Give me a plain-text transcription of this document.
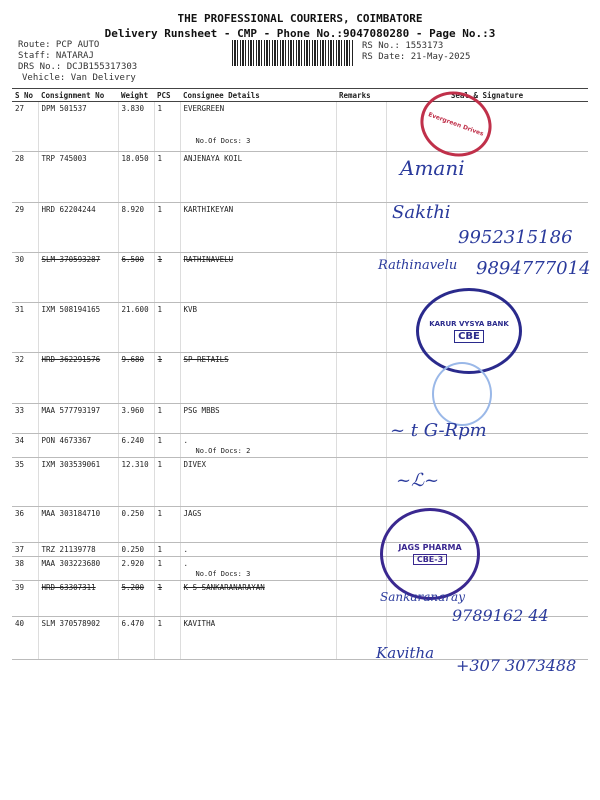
THE PROFESSIONAL COURIERS, COIMBATORE
Delivery Runsheet - CMP - Phone No.:9047080280 - Page No.:3
Route: PCP AUTO
Staff: NATARAJ
DRS No.: DCJB155317303
Vehicle: Van Delivery
RS No.: 1553173
RS Date: 21-May-2025
S No	Consignment No	Weight	PCS	Consignee Details	Remarks	Seal & Signature
27	DPM 501537	3.830	1	EVERGREEN
No.Of Docs: 3		

28	TRP 745003	18.050	1	ANJENAYA KOIL		
29	HRD 62204244	8.920	1	KARTHIKEYAN		
30	SLM 370593287	6.500	1	RATHINAVELU		
31	IXM 508194165	21.600	1	KVB		
32	HRD 362291576	9.680	1	SP RETAILS		
33	MAA 577793197	3.960	1	PSG MBBS		
34	PON 4673367	6.240	1	.
No.Of Docs: 2		

35	IXM 303539061	12.310	1	DIVEX		
36	MAA 303184710	0.250	1	JAGS		
37	TRZ 21139778	0.250	1	.		
38	MAA 303223680	2.920	1	.
No.Of Docs: 3		

39	HRD 63307311	5.200	1	K S SANKARANARAYAN		
40	SLM 370578902	6.470	1	KAVITHA		
Evergreen Drives
KARUR VYSYA BANK
CBE
JAGS PHARMA
CBE-3
Amani
Sakthi
9952315186
Rathinavelu 9894777014
~ t G-Rpm
~ℒ~
Sankaranaray
9789162 44
Kavitha
+307 3073488
